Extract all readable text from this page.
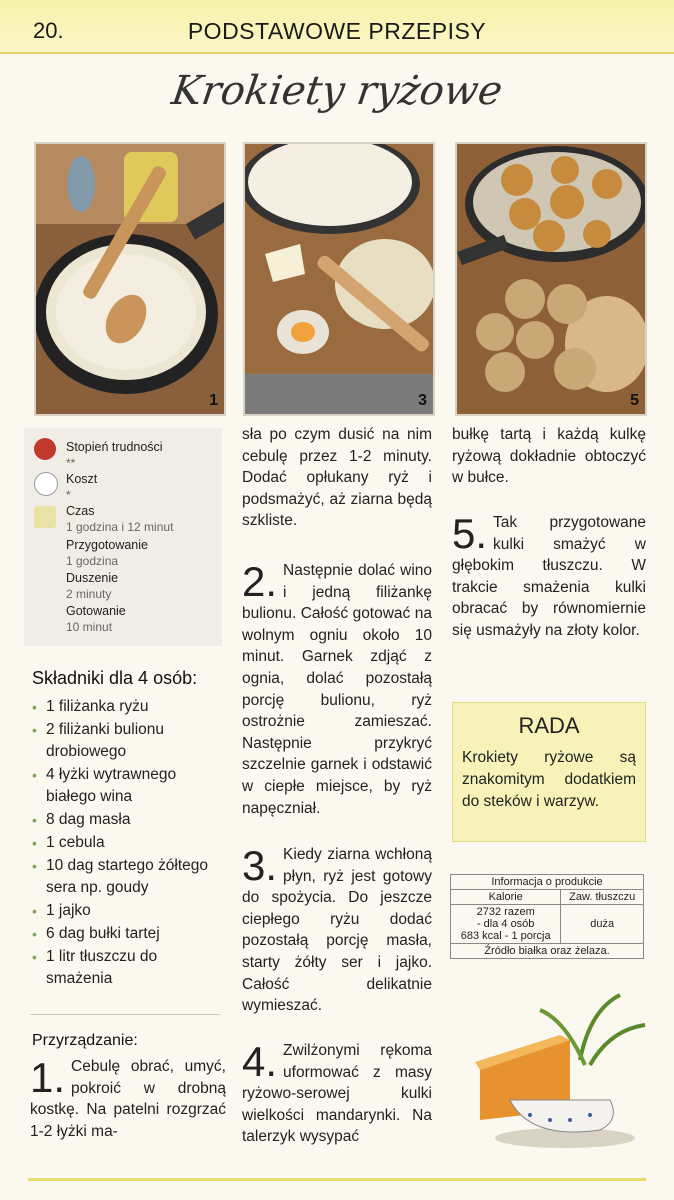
20.	PODSTAWOWE PRZEPISY
Krokiety ryżowe
1	3	5
Stopień trudności
**
Koszt
*
Czas
1 godzina i 12 minut
Przygotowanie
1 godzina
Duszenie
2 minuty
Gotowanie
10 minut
Składniki dla 4 osób:
• 1 filiżanka ryżu
• 2 filiżanki bulionu drobiowego
• 4 łyżki wytrawnego białego wina
• 8 dag masła
• 1 cebula
• 10 dag startego żółtego sera np. goudy
• 1 jajko
• 6 dag bułki tartej
• 1 litr tłuszczu do smażenia
Przyrządzanie:

1. Cebulę obrać, umyć, pokroić w drobną kostkę. Na patelni rozgrzać 1-2 łyżki ma-

sła po czym dusić na nim cebulę przez 1-2 minuty. Dodać opłukany ryż i podsmażyć, aż ziarna będą szkliste.

2. Następnie dolać wino i jedną filiżankę bulionu. Całość gotować na wolnym ogniu około 10 minut. Garnek zdjąć z ognia, dolać pozostałą porcję bulionu, ryż ostrożnie zamieszać. Następnie przykryć szczelnie garnek i odstawić w ciepłe miejsce, by ryż napęczniał.

3. Kiedy ziarna wchłoną płyn, ryż jest gotowy do spożycia. Do jeszcze ciepłego ryżu dodać pozostałą porcję masła, starty żółty ser i jajko. Całość delikatnie wymieszać.

4. Zwilżonymi rękoma uformować z masy ryżowo-serowej kulki wielkości mandarynki. Na talerzyk wysypać

bułkę tartą i każdą kulkę ryżową dokładnie obtoczyć w bułce.

5. Tak przygotowane kulki smażyć w głębokim tłuszczu. W trakcie smażenia kulki obracać by równomiernie się usmażyły na złoty kolor.

RADA

Krokiety ryżowe są znakomitym dodatkiem do steków i warzyw.

Informacja o produkcie	
Kalorie	Zaw. tłuszczu

2732 razem
- dla 4 osób
683 kcal - 1 porcja	duża
Źródło białka oraz żelaza.	
